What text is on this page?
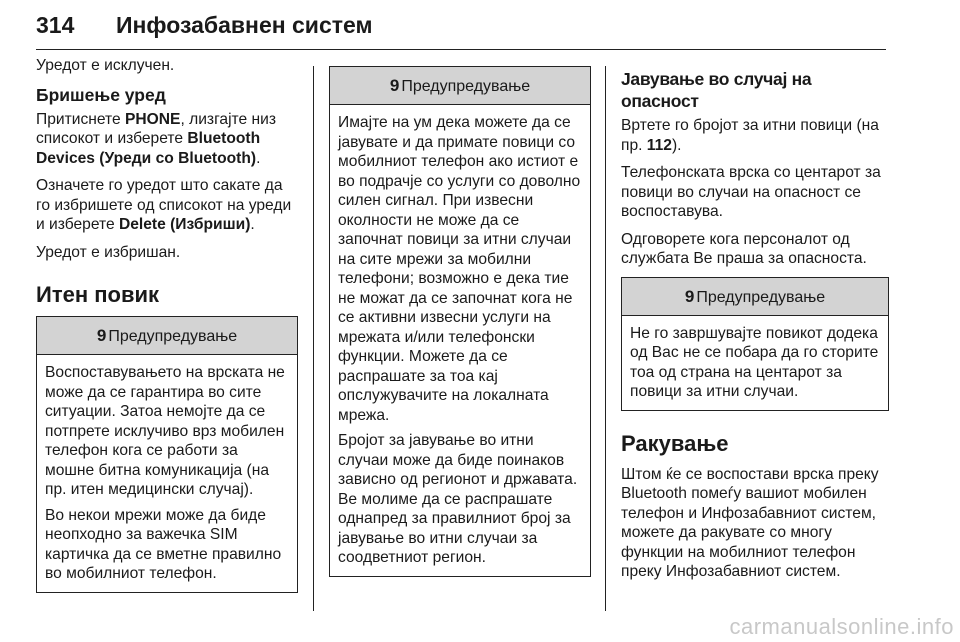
314 Инфозабавнен систем

Уредот е исклучен.

Бришење уред

Притиснете PHONE, лизгајте низ списокот и изберете Bluetooth Devices (Уреди со Bluetooth).

Означете го уредот што сакате да го избришете од списокот на уреди и изберете Delete (Избриши).

Уредот е избришан.

Итен повик
9 Предупредување

Воспоставувањето на врската не може да се гарантира во сите ситуации. Затоа немојте да се потпрете исклучиво врз мобилен телефон кога се работи за мошне битна комуникација (на пр. итен медицински случај).

Во некои мрежи може да биде неопходно за важечка SIM картичка да се вметне правилно во мобилниот телефон.

9 Предупредување

Имајте на ум дека можете да се јавувате и да примате повици со мобилниот телефон ако истиот е во подрачје со услуги со доволно силен сигнал. При извесни околности не може да се започнат повици за итни случаи на сите мрежи за мобилни телефони; возможно е дека тие не можат да се започнат кога не се активни извесни услуги на мрежата и/или телефонски функции. Можете да се распрашате за тоа кај опслужувачите на локалната мрежа.

Бројот за јавување во итни случаи може да биде поинаков зависно од регионот и државата. Ве молиме да се распрашате однапред за правилниот број за јавување во итни случаи за соодветниот регион.

Јавување во случај на опасност

Вртете го бројот за итни повици (на пр. 112).

Телефонската врска со центарот за повици во случаи на опасност се воспоставува.

Одговорете кога персоналот од службата Ве праша за опасноста.

9 Предупредување

Не го завршувајте повикот додека од Вас не се побара да го сторите тоа од страна на центарот за повици за итни случаи.

Ракување

Штом ќе се воспостави врска преку Bluetooth помеѓу вашиот мобилен телефон и Инфозабавниот систем, можете да ракувате со многу функции на мобилниот телефон преку Инфозабавниот систем.

carmanualsonline.info
